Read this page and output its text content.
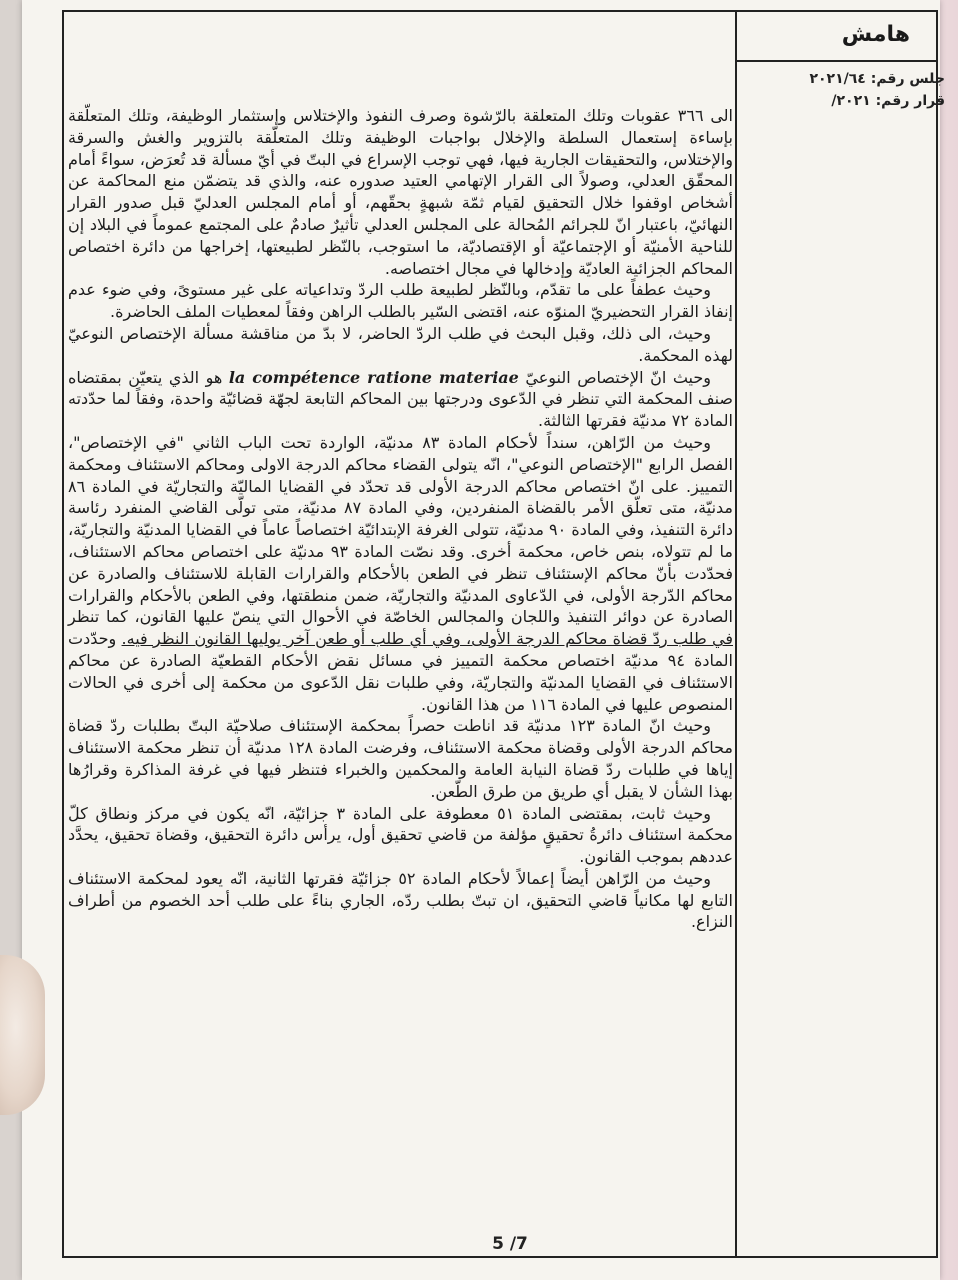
هامش
جلس رقم: ٢٠٢١/٦٤
قرار رقم: ٢٠٢١/

الى ٣٦٦ عقوبات وتلك المتعلقة بالرّشوة وصرف النفوذ والإختلاس وإستثمار الوظيفة، وتلك المتعلّقة بإساءة إستعمال السلطة والإخلال بواجبات الوظيفة وتلك المتعلّقة بالتزوير والغش والسرقة والإختلاس، والتحقيقات الجارية فيها، فهي توجب الإسراع في البتّ في أيّ مسألة قد تُعرَض، سواءً أمام المحقّق العدلي، وصولاً الى القرار الإتهامي العتيد صدوره عنه، والذي قد يتضمّن منع المحاكمة عن أشخاص اوقفوا خلال التحقيق لقيام ثمّة شبهةٍ بحقّهم، أو أمام المجلس العدليّ قبل صدور القرار النهائيّ، باعتبار انّ للجرائم المُحالة على المجلس العدلي تأثيرٌ صادمٌ على المجتمع عموماً في البلاد إن للناحية الأمنيّة أو الإجتماعيّة أو الإقتصاديّة، ما استوجب، بالنّظر لطبيعتها، إخراجها من دائرة اختصاص المحاكم الجزائية العاديّة وإدخالها في مجال اختصاصه.

وحيث عطفاً على ما تقدّم، وبالنّظر لطبيعة طلب الردّ وتداعياته على غير مستوىً، وفي ضوء عدم إنفاذ القرار التحضيريّ المنوّه عنه، اقتضى السّير بالطلب الراهن وفقاً لمعطيات الملف الحاضرة.

وحيث، الى ذلك، وقبل البحث في طلب الردّ الحاضر، لا بدّ من مناقشة مسألة الإختصاص النوعيّ لهذه المحكمة.

وحيث انّ الإختصاص النوعيّ la compétence ratione materiae هو الذي يتعيّن بمقتضاه صنف المحكمة التي تنظر في الدّعوى ودرجتها بين المحاكم التابعة لجهّة قضائيّة واحدة، وفقاً لما حدّدته المادة ٧٢ مدنيّة فقرتها الثالثة.

وحيث من الرّاهن، سنداً لأحكام المادة ٨٣ مدنيّة، الواردة تحت الباب الثاني "في الإختصاص"، الفصل الرابع "الإختصاص النوعي"، انّه يتولى القضاء محاكم الدرجة الاولى ومحاكم الاستئناف ومحكمة التمييز. على انّ اختصاص محاكم الدرجة الأولى قد تحدّد في القضايا الماليّة والتجاريّة في المادة ٨٦ مدنيّة، متى تعلّق الأمر بالقضاة المنفردين، وفي المادة ٨٧ مدنيّة، متى تولّى القاضي المنفرد رئاسة دائرة التنفيذ، وفي المادة ٩٠ مدنيّة، تتولى الغرفة الإبتدائيّة اختصاصاً عاماً في القضايا المدنيّة والتجاريّة، ما لم تتولاه، بنص خاص، محكمة أخرى. وقد نصّت المادة ٩٣ مدنيّة على اختصاص محاكم الاستئناف، فحدّدت بأنّ محاكم الإستئناف تنظر في الطعن بالأحكام والقرارات القابلة للاستئناف والصادرة عن محاكم الدّرجة الأولى، في الدّعاوى المدنيّة والتجاريّة، ضمن منطقتها، وفي الطعن بالأحكام والقرارات الصادرة عن دوائر التنفيذ واللجان والمجالس الخاصّة في الأحوال التي ينصّ عليها القانون، كما تنظر في طلب ردّ قضاة محاكم الدرجة الأولى، وفي أي طلب أو طعن آخر يوليها القانون النظر فيه. وحدّدت المادة ٩٤ مدنيّة اختصاص محكمة التمييز في مسائل نقض الأحكام القطعيّة الصادرة عن محاكم الاستئناف في القضايا المدنيّة والتجاريّة، وفي طلبات نقل الدّعوى من محكمة إلى أخرى في الحالات المنصوص عليها في المادة ١١٦ من هذا القانون.

وحيث انّ المادة ١٢٣ مدنيّة قد اناطت حصراً بمحكمة الإستئناف صلاحيّة البتّ بطلبات ردّ قضاة محاكم الدرجة الأولى وقضاة محكمة الاستئناف، وفرضت المادة ١٢٨ مدنيّة أن تنظر محكمة الاستئناف إياها في طلبات ردّ قضاة النيابة العامة والمحكمين والخبراء فتنظر فيها في غرفة المذاكرة وقرارُها بهذا الشأن لا يقبل أي طريق من طرق الطّعن.

وحيث ثابت، بمقتضى المادة ٥١ معطوفة على المادة ٣ جزائيّة، انّه يكون في مركز ونطاق كلّ محكمة استئناف دائرةُ تحقيقٍ مؤلفة من قاضي تحقيق أول، يرأس دائرة التحقيق، وقضاة تحقيق، يحدَّد عددهم بموجب القانون.

وحيث من الرّاهن أيضاً إعمالاً لأحكام المادة ٥٢ جزائيّة فقرتها الثانية، انّه يعود لمحكمة الاستئناف التابع لها مكانياً قاضي التحقيق، ان تبتّ بطلب ردّه، الجاري بناءً على طلب أحد الخصوم من أطراف النزاع.

5 /7
